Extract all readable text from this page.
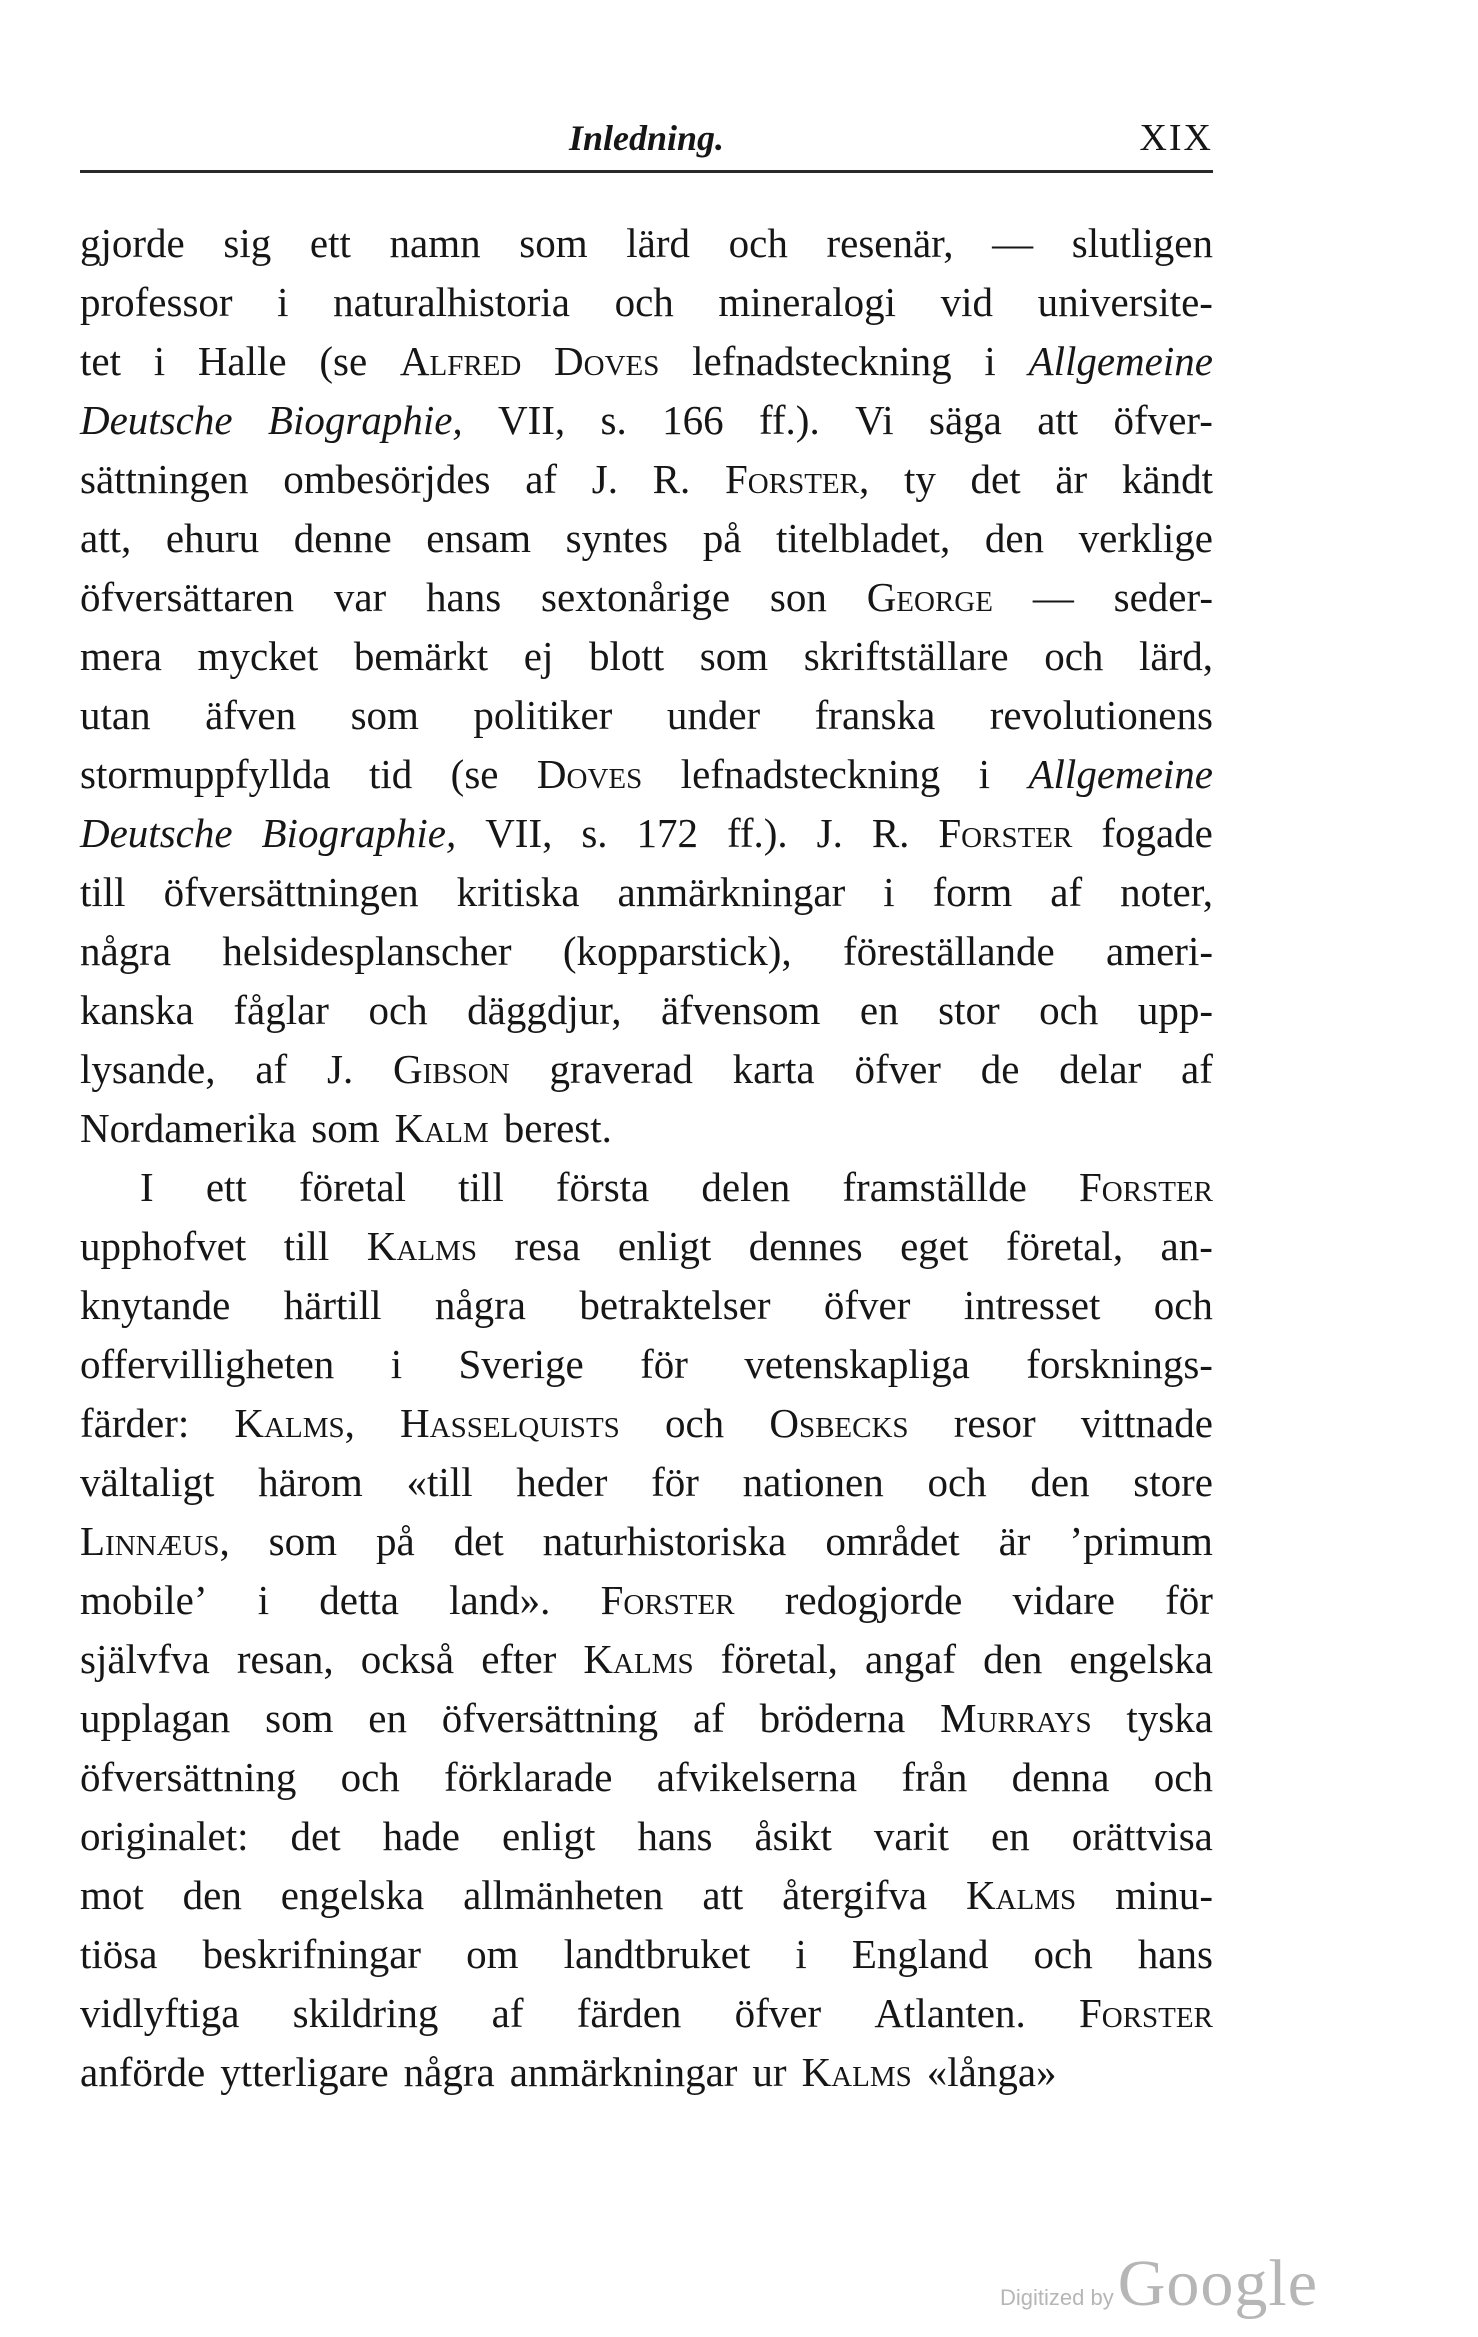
Inledning.	XIX
gjorde sig ett namn som lärd och resenär, — slutligen
professor i naturalhistoria och mineralogi vid universite-
tet i Halle (se Alfred Doves lefnadsteckning i Allgemeine
Deutsche Biographie, VII, s. 166 ff.). Vi säga att öfver-
sättningen ombesörjdes af J. R. Forster, ty det är kändt
att, ehuru denne ensam syntes på titelbladet, den verklige
öfversättaren var hans sextonårige son George — seder-
mera mycket bemärkt ej blott som skriftställare och lärd,
utan äfven som politiker under franska revolutionens
stormuppfyllda tid (se Doves lefnadsteckning i Allgemeine
Deutsche Biographie, VII, s. 172 ff.). J. R. Forster fogade
till öfversättningen kritiska anmärkningar i form af noter,
några helsidesplanscher (kopparstick), föreställande ameri-
kanska fåglar och däggdjur, äfvensom en stor och upp-
lysande, af J. Gibson graverad karta öfver de delar af
Nordamerika som Kalm berest.
I ett företal till första delen framställde Forster
upphofvet till Kalms resa enligt dennes eget företal, an-
knytande härtill några betraktelser öfver intresset och
offervilligheten i Sverige för vetenskapliga forsknings-
färder: Kalms, Hasselquists och Osbecks resor vittnade
vältaligt härom «till heder för nationen och den store
Linnæus, som på det naturhistoriska området är ’primum
mobile’ i detta land». Forster redogjorde vidare för
självfva resan, också efter Kalms företal, angaf den engelska
upplagan som en öfversättning af bröderna Murrays tyska
öfversättning och förklarade afvikelserna från denna och
originalet: det hade enligt hans åsikt varit en orättvisa
mot den engelska allmänheten att återgifva Kalms minu-
tiösa beskrifningar om landtbruket i England och hans
vidlyftiga skildring af färden öfver Atlanten. Forster
anförde ytterligare några anmärkningar ur Kalms «långa»
Digitized by Google
